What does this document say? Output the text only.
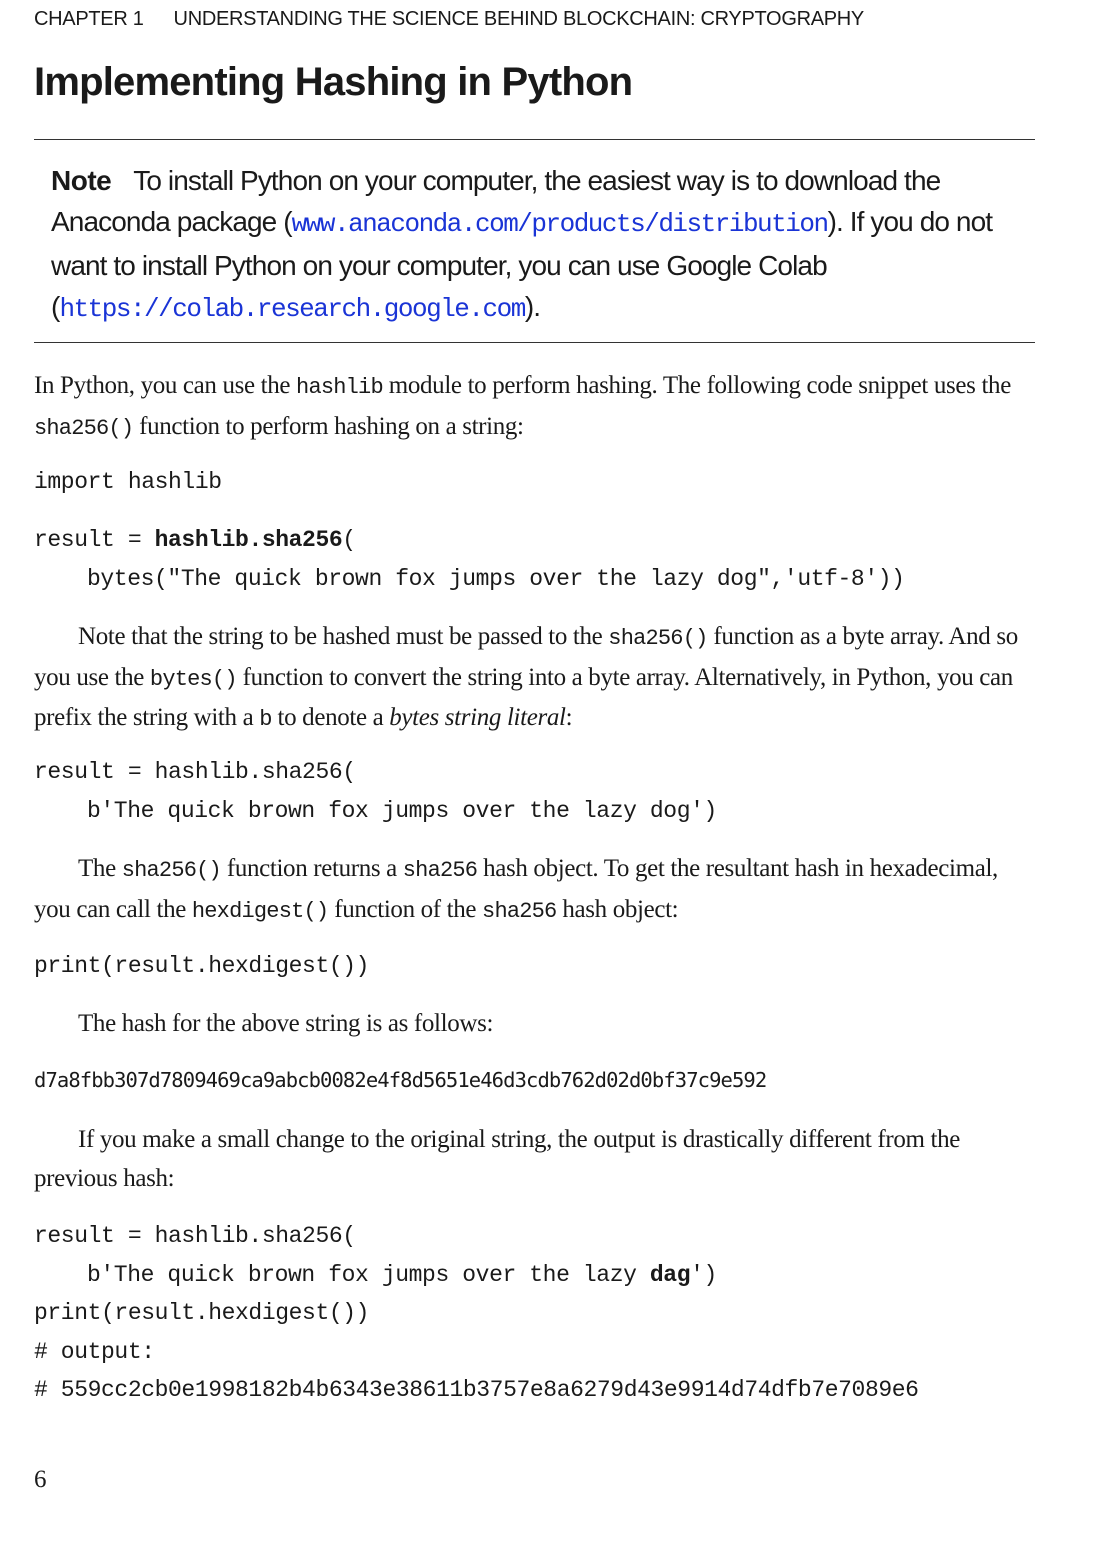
CHAPTER 1 UNDERSTANDING THE SCIENCE BEHIND BLOCKCHAIN: CRYPTOGRAPHY
Implementing Hashing in Python

Note To install Python on your computer, the easiest way is to download the Anaconda package (www.anaconda.com/products/distribution). If you do not want to install Python on your computer, you can use Google Colab (https://colab.research.google.com).

In Python, you can use the hashlib module to perform hashing. The following code snippet uses the sha256() function to perform hashing on a string:

import hashlib
result = hashlib.sha256(
bytes("The quick brown fox jumps over the lazy dog",'utf-8'))

Note that the string to be hashed must be passed to the sha256() function as a byte array. And so you use the bytes() function to convert the string into a byte array. Alternatively, in Python, you can prefix the string with a b to denote a bytes string literal:

result = hashlib.sha256(
b'The quick brown fox jumps over the lazy dog')

The sha256() function returns a sha256 hash object. To get the resultant hash in hexadecimal, you can call the hexdigest() function of the sha256 hash object:

print(result.hexdigest())

The hash for the above string is as follows:

d7a8fbb307d7809469ca9abcb0082e4f8d5651e46d3cdb762d02d0bf37c9e592

If you make a small change to the original string, the output is drastically different from the previous hash:

result = hashlib.sha256(
b'The quick brown fox jumps over the lazy dag')
print(result.hexdigest())
# output:
# 559cc2cb0e1998182b4b6343e38611b3757e8a6279d43e9914d74dfb7e7089e6
6
